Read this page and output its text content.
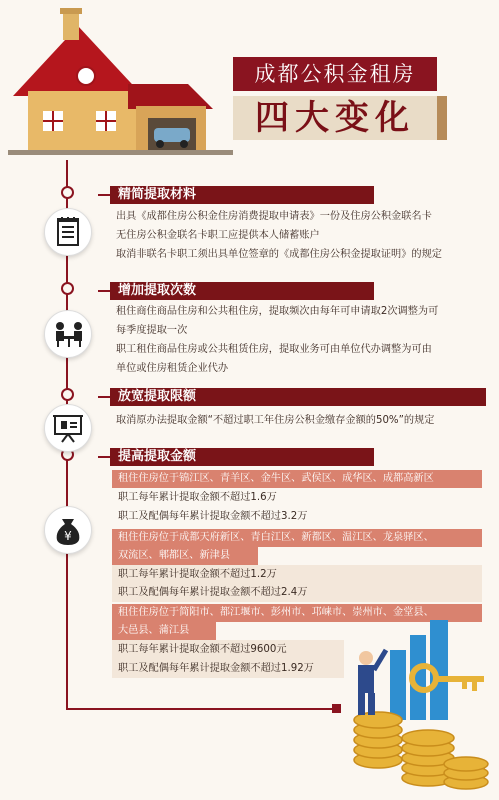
成都公积金租房
四大变化
精简提取材料
出具《成都住房公积金住房消费提取申请表》一份及住房公积金联名卡
无住房公积金联名卡职工应提供本人储蓄账户
取消非联名卡职工须出具单位签章的《成都住房公积金提取证明》的规定
增加提取次数
租住商住商品住房和公共租住房，提取频次由每年可申请取2次调整为可
每季度提取一次
职工租住商品住房或公共租赁住房，提取业务可由单位代办调整为可由
单位或住房租赁企业代办
放宽提取限额
取消原办法提取金额“不超过职工年住房公积金缴存金额的50%”的规定
提高提取金额
¥
租住住房位于锦江区、青羊区、金牛区、武侯区、成华区、成都高新区
职工每年累计提取金额不超过1.6万
职工及配偶每年累计提取金额不超过3.2万
租住住房位于成都天府新区、青白江区、新都区、温江区、龙泉驿区、
双流区、郫都区、新津县
职工每年累计提取金额不超过1.2万
职工及配偶每年累计提取金额不超过2.4万
租住住房位于简阳市、都江堰市、彭州市、邛崃市、崇州市、金堂县、
大邑县、蒲江县
职工每年累计提取金额不超过9600元
职工及配偶每年累计提取金额不超过1.92万
